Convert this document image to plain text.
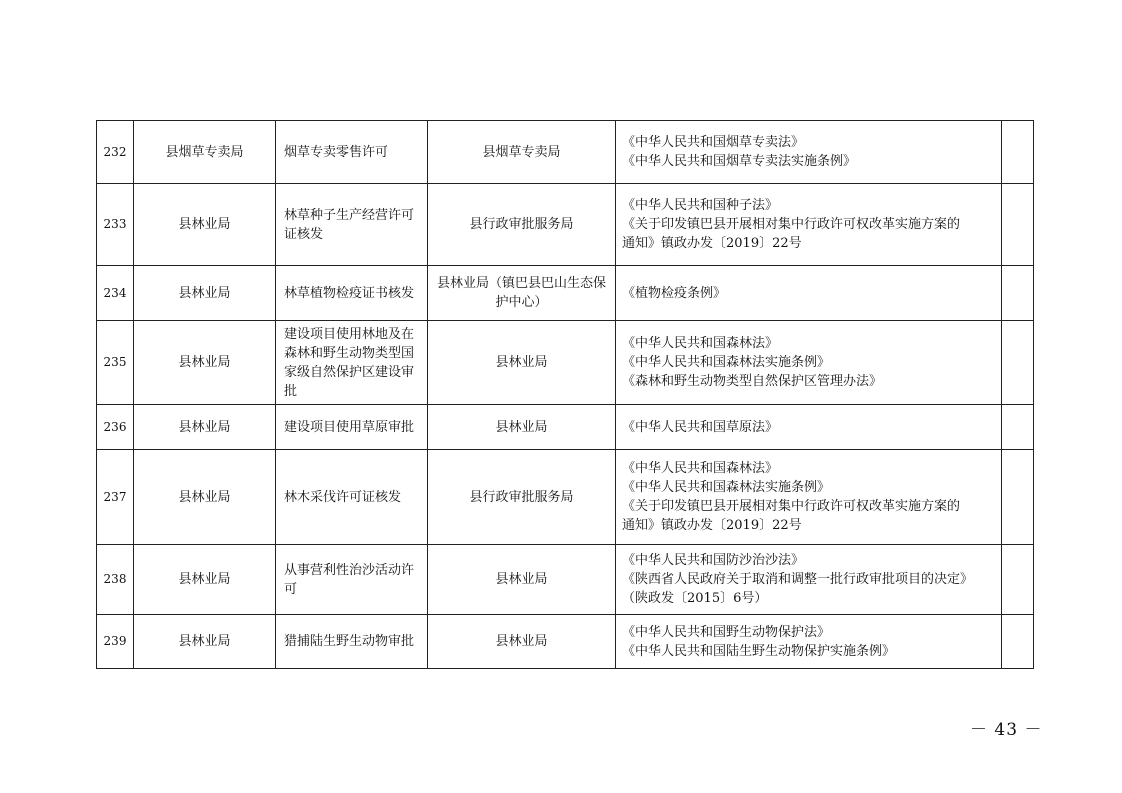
232	县烟草专卖局	烟草专卖零售许可	县烟草专卖局	《中华人民共和国烟草专卖法》
《中华人民共和国烟草专卖法实施条例》	

233	县林业局	林草种子生产经营许可证核发	县行政审批服务局	《中华人民共和国种子法》
《关于印发镇巴县开展相对集中行政许可权改革实施方案的
通知》镇政办发〔2019〕22号	

234	县林业局	林草植物检疫证书核发	县林业局（镇巴县巴山生态保护中心）	《植物检疫条例》	

235	县林业局	建设项目使用林地及在森林和野生动物类型国家级自然保护区建设审批	县林业局	《中华人民共和国森林法》
《中华人民共和国森林法实施条例》
《森林和野生动物类型自然保护区管理办法》	

236	县林业局	建设项目使用草原审批	县林业局	《中华人民共和国草原法》	

237	县林业局	林木采伐许可证核发	县行政审批服务局	《中华人民共和国森林法》
《中华人民共和国森林法实施条例》
《关于印发镇巴县开展相对集中行政许可权改革实施方案的
通知》镇政办发〔2019〕22号	

238	县林业局	从事营利性治沙活动许可	县林业局	《中华人民共和国防沙治沙法》
《陕西省人民政府关于取消和调整一批行政审批项目的决定》
（陕政发〔2015〕6号）	

239	县林业局	猎捕陆生野生动物审批	县林业局	《中华人民共和国野生动物保护法》
《中华人民共和国陆生野生动物保护实施条例》	

－ 43 －
